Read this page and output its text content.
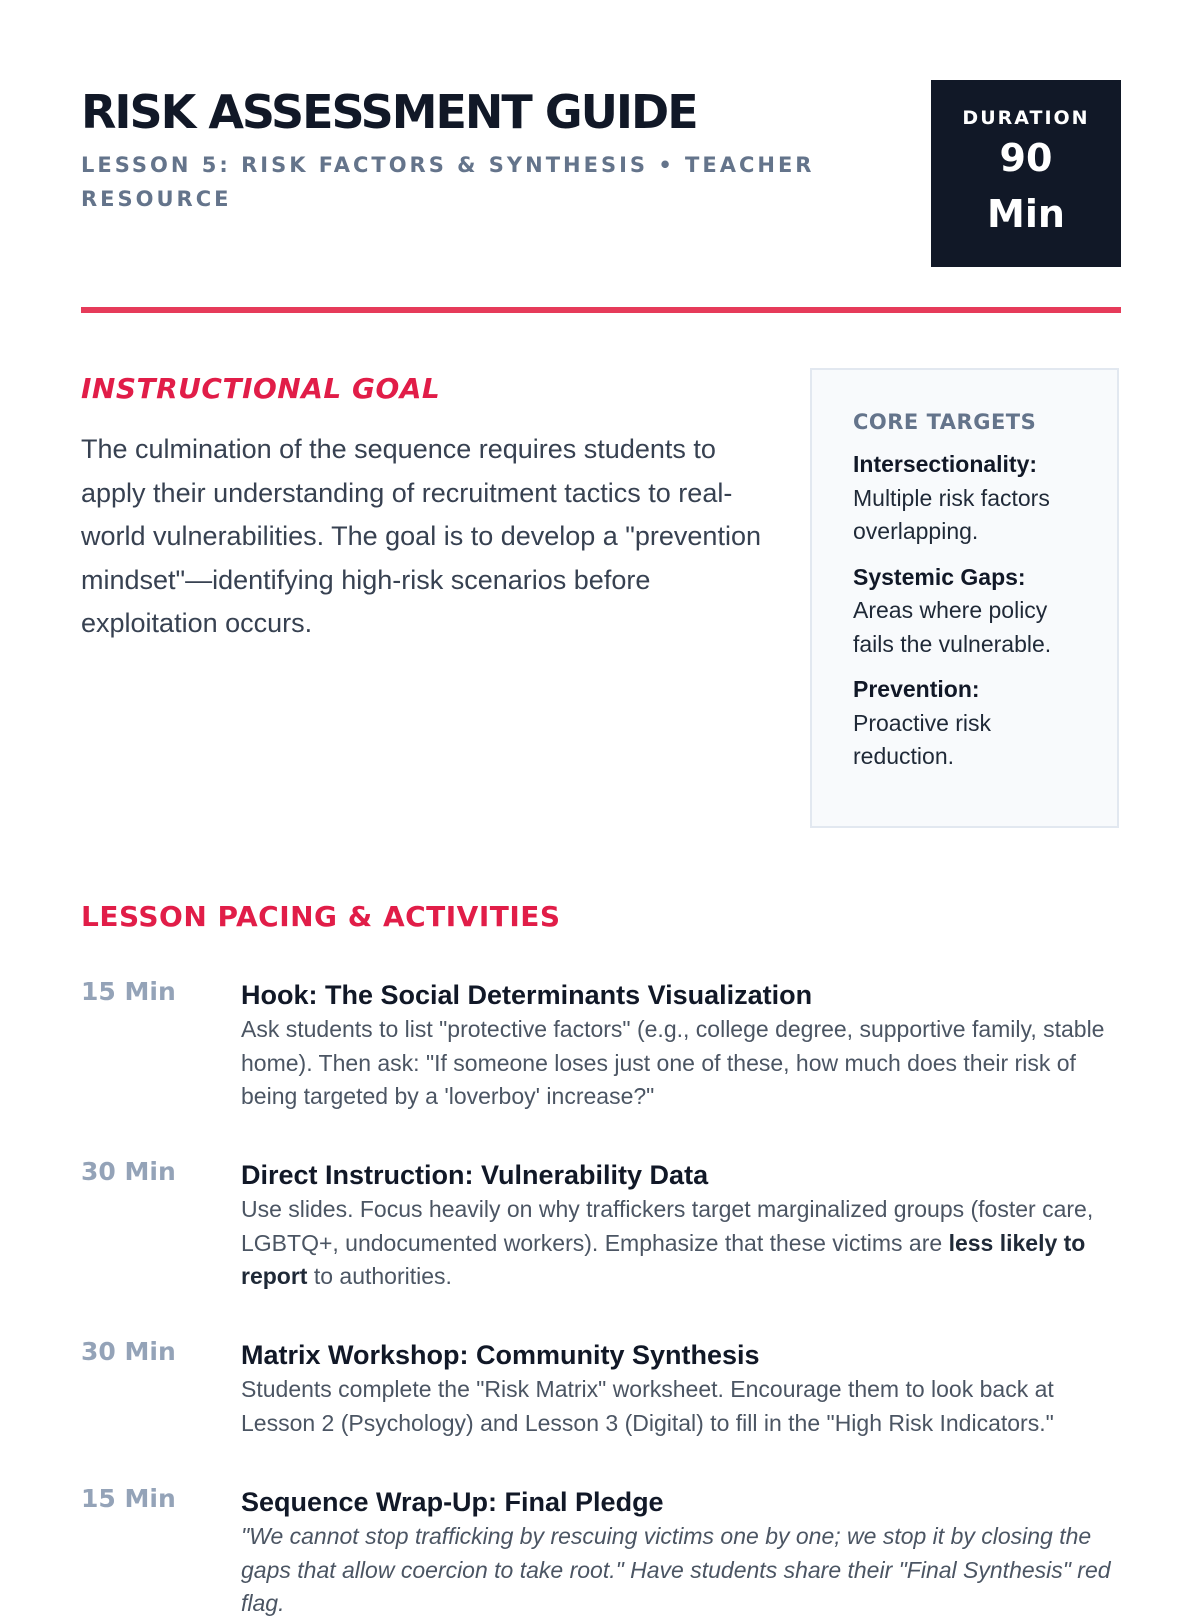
RISK ASSESSMENT GUIDE
LESSON 5: RISK FACTORS & SYNTHESIS • TEACHER RESOURCE
DURATION
90
Min
INSTRUCTIONAL GOAL

The culmination of the sequence requires students to apply their understanding of recruitment tactics to real-world vulnerabilities. The goal is to develop a "prevention mindset"—identifying high-risk scenarios before exploitation occurs.

CORE TARGETS
Intersectionality:
Multiple risk factors overlapping.
Systemic Gaps:
Areas where policy fails the vulnerable.
Prevention:
Proactive risk reduction.
LESSON PACING & ACTIVITIES
15 Min Hook: The Social Determinants Visualization

Ask students to list "protective factors" (e.g., college degree, supportive family, stable home). Then ask: "If someone loses just one of these, how much does their risk of being targeted by a 'loverboy' increase?"

30 Min Direct Instruction: Vulnerability Data

Use slides. Focus heavily on why traffickers target marginalized groups (foster care, LGBTQ+, undocumented workers). Emphasize that these victims are less likely to report to authorities.

30 Min Matrix Workshop: Community Synthesis

Students complete the "Risk Matrix" worksheet. Encourage them to look back at Lesson 2 (Psychology) and Lesson 3 (Digital) to fill in the "High Risk Indicators."

15 Min Sequence Wrap-Up: Final Pledge

"We cannot stop trafficking by rescuing victims one by one; we stop it by closing the gaps that allow coercion to take root." Have students share their "Final Synthesis" red flag.
